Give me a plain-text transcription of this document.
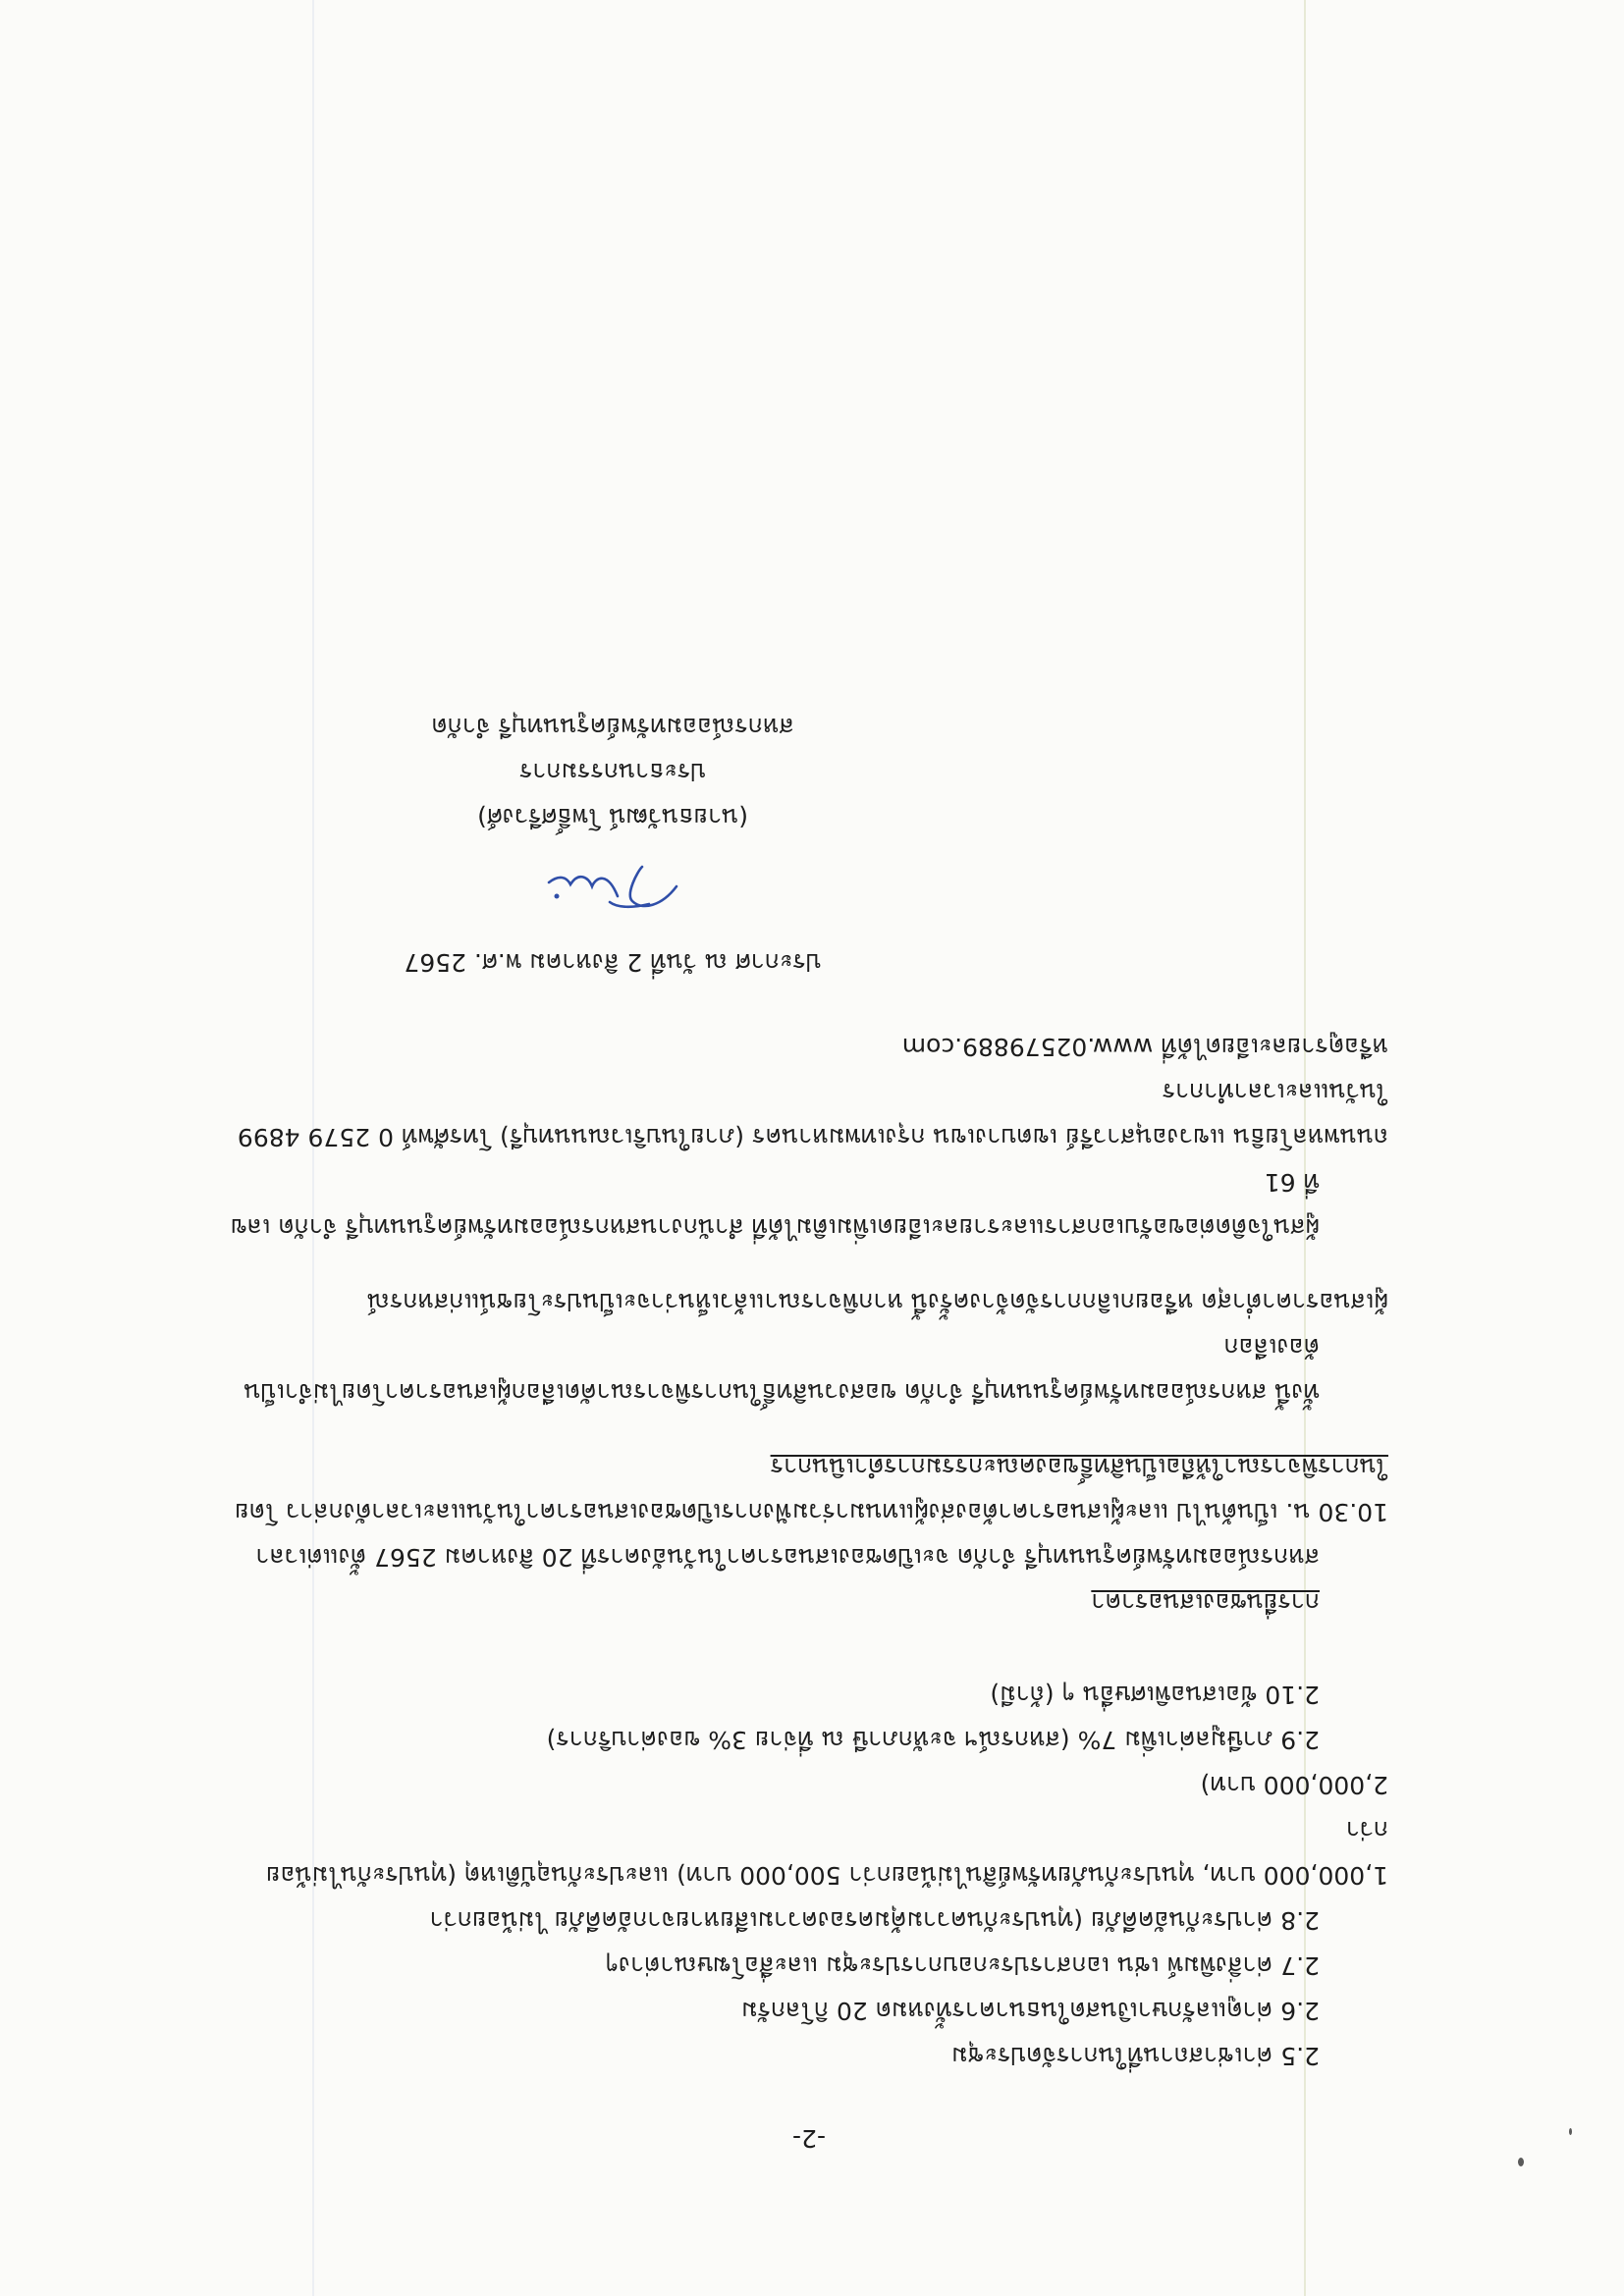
-2-

2.5 ค่าเช่าสถานที่ในการจัดประชุม

2.6 ค่าดูแลรักษาเงินสดในธนาคารทั้งหมด 20 กิโลกรัม

2.7 ค่าสิ่งพิมพ์ เช่น เอกสารประกอบการประชุม และสื่อโฆษณาต่างๆ

2.8 ค่าประกันอัคคีภัย (ทุนประกันความคุ้มครองความเสียหายจากอัคคีภัย ไม่น้อยกว่า

1,000,000 บาท, ทุนประกันภัยทรัพย์สินไม่น้อยกว่า 500,000 บาท) และประกันอุบัติเหตุ (ทุนประกันไม่น้อยกว่า

2,000,000 บาท)

2.9 ภาษีมูลค่าเพิ่ม 7% (สหกรณ์ฯ จะหักภาษี ณ ที่จ่าย 3% ของค่าบริการ)

2.10 ข้อเสนอพิเศษอื่น ๆ (ถ้ามี)

การยื่นซองเสนอราคา

สหกรณ์ออมทรัพย์ครูนนทบุรี จำกัด จะเปิดซองเสนอราคาในวันอังคารที่ 20 สิงหาคม 2567 ตั้งแต่เวลา

10.30 น. เป็นต้นไป และผู้เสนอราคาต้องส่งผู้แทนมาร่วมฟังการเปิดซองเสนอราคาในวันและเวลาดังกล่าว โดย

ในการพิจารณาให้ถือเป็นสิทธิ์ของคณะกรรมการดำเนินการ

ทั้งนี้ สหกรณ์ออมทรัพย์ครูนนทบุรี จำกัด ขอสงวนสิทธิ์ในการพิจารณาคัดเลือกผู้เสนอราคาโดยไม่จำเป็นต้องเลือก

ผู้เสนอราคาต่ำสุด หรือยกเลิกการจัดจ้างครั้งนี้ หากพิจารณาแล้วเห็นว่าจะเป็นประโยชน์แก่สหกรณ์

ผู้สนใจติดต่อขอรับเอกสารและรายละเอียดเพิ่มเติมได้ที่ สำนักงานสหกรณ์ออมทรัพย์ครูนนทบุรี จำกัด เลขที่ 61

ถนนพหลโยธิน แขวงอนุสาวรีย์ เขตบางเขน กรุงเทพมหานคร (ภายในบริเวณนนทบุรี) โทรศัพท์ 0 2579 4899 ในวันและเวลาทำการ

หรือดูรายละเอียดได้ที่ www.02579889.com

ประกาศ ณ วันที่ 2 สิงหาคม พ.ศ. 2567

(นายธนวัฒน์ โพธิ์ศรีวงศ์)

ประธานกรรมการ

สหกรณ์ออมทรัพย์ครูนนทบุรี จำกัด
